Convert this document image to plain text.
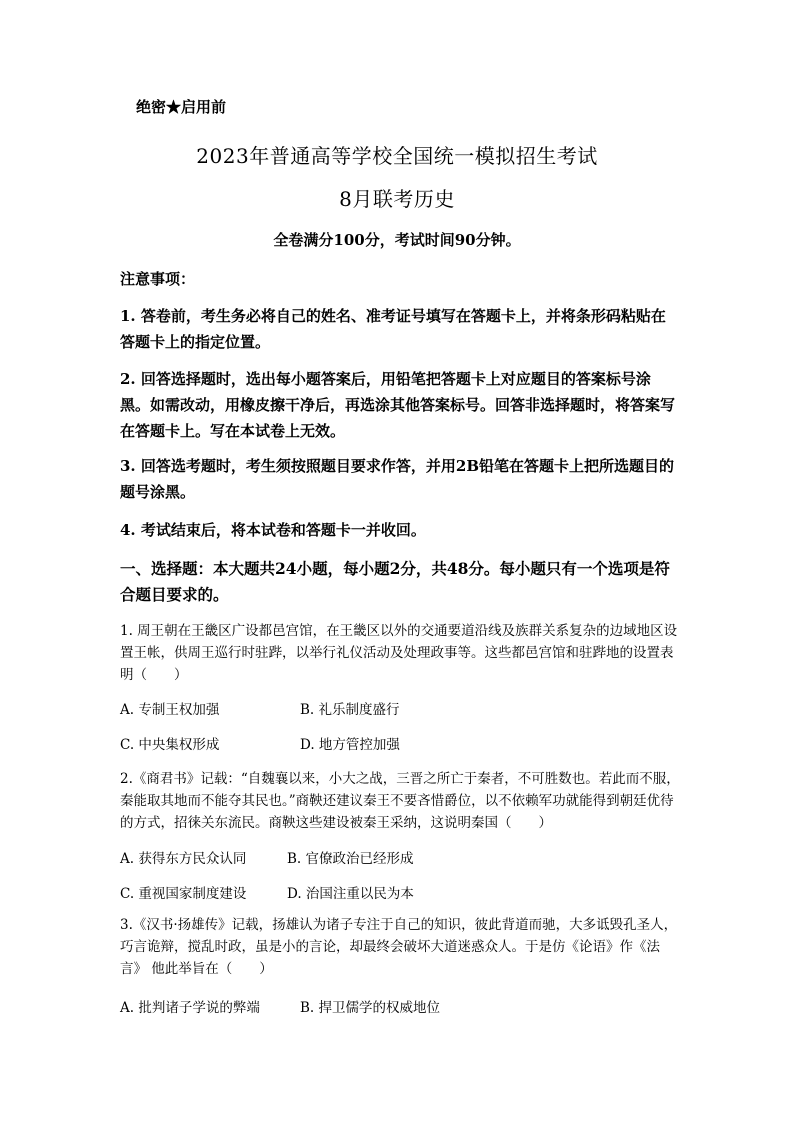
绝密★启用前

2023年普通高等学校全国统一模拟招生考试

8月联考历史

全卷满分100分，考试时间90分钟。

注意事项：

1. 答卷前，考生务必将自己的姓名、准考证号填写在答题卡上，并将条形码粘贴在答题卡上的指定位置。

2. 回答选择题时，选出每小题答案后，用铅笔把答题卡上对应题目的答案标号涂黑。如需改动，用橡皮擦干净后，再选涂其他答案标号。回答非选择题时，将答案写在答题卡上。写在本试卷上无效。

3. 回答选考题时，考生须按照题目要求作答，并用2B铅笔在答题卡上把所选题目的题号涂黑。

4. 考试结束后，将本试卷和答题卡一并收回。

一、选择题：本大题共24小题，每小题2分，共48分。每小题只有一个选项是符合题目要求的。

1. 周王朝在王畿区广设都邑宫馆，在王畿区以外的交通要道沿线及族群关系复杂的边域地区设置王帐，供周王巡行时驻跸，以举行礼仪活动及处理政事等。这些都邑宫馆和驻跸地的设置表明（　　）

A. 专制王权加强	B. 礼乐制度盛行

C. 中央集权形成	D. 地方管控加强

2.《商君书》记载：“自魏襄以来，小大之战，三晋之所亡于秦者，不可胜数也。若此而不服，秦能取其地而不能夺其民也。”商鞅还建议秦王不要吝惜爵位，以不依赖军功就能得到朝廷优待的方式，招徕关东流民。商鞅这些建设被秦王采纳，这说明秦国（　　）

A. 获得东方民众认同	B. 官僚政治已经形成

C. 重视国家制度建设	D. 治国注重以民为本

3.《汉书·扬雄传》记载，扬雄认为诸子专注于自己的知识，彼此背道而驰，大多诋毁孔圣人，巧言诡辩，搅乱时政，虽是小的言论，却最终会破坏大道迷惑众人。于是仿《论语》作《法言》 他此举旨在（　　）

A. 批判诸子学说的弊端	B. 捍卫儒学的权威地位
